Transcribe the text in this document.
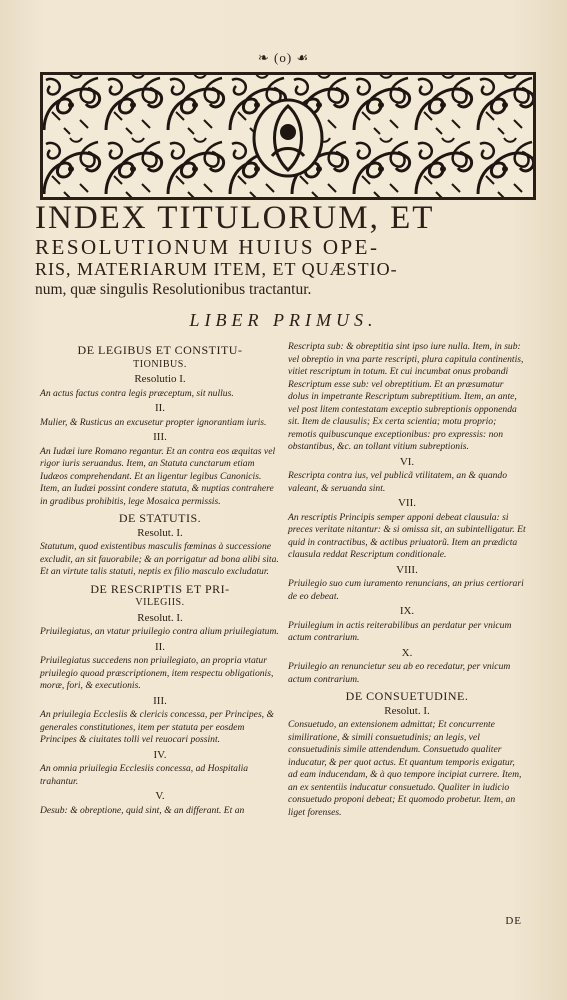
❧ (o) ☙
INDEX TITULORUM, ET
RESOLUTIONUM HUIUS OPE-
RIS, MATERIARUM ITEM, ET QUÆSTIO-
num, quæ singulis Resolutionibus tractantur.
LIBER PRIMUS.
DE LEGIBUS ET CONSTITU-
TIONIBUS.
Resolutio I.
An actus factus contra legis præceptum, sit nullus.
II.
Mulier, & Rusticus an excusetur propter ignorantiam iuris.
III.
An Iudæi iure Romano regantur. Et an contra eos æquitas vel rigor iuris seruandus. Item, an Statuta cunctarum etiam Iudæos comprehendant. Et an ligentur legibus Canonicis. Item, an Iudæi possint condere statuta, & nuptias contrahere in gradibus prohibitis, lege Mosaica permissis.
DE STATUTIS.
Resolut. I.
Statutum, quod existentibus masculis fœminas à successione excludit, an sit fauorabile; & an porrigatur ad bona alibi sita. Et an virtute talis statuti, neptis ex filio masculo excludatur.
DE RESCRIPTIS ET PRI-
VILEGIIS.
Resolut. I.
Priuilegiatus, an vtatur priuilegio contra alium priuilegiatum.
II.
Priuilegiatus succedens non priuilegiato, an propria vtatur priuilegio quoad præscriptionem, item respectu obligationis, moræ, fori, & executionis.
III.
An priuilegia Ecclesiis & clericis concessa, per Principes, & generales constitutiones, item per statuta per eosdem Principes & ciuitates tolli vel reuocari possint.
IV.
An omnia priuilegia Ecclesiis concessa, ad Hospitalia trahantur.
V.
Desub: & obreptione, quid sint, & an differant. Et an
Rescripta sub: & obreptitia sint ipso iure nulla. Item, in sub: vel obreptio in vna parte rescripti, plura capitula continentis, vitiet rescriptum in totum. Et cui incumbat onus probandi Rescriptum esse sub: vel obreptitium. Et an præsumatur dolus in impetrante Rescriptum subreptitium. Item, an ante, vel post litem contestatam exceptio subreptionis opponenda sit. Item de clausulis; Ex certa scientia; motu proprio; remotis quibuscunque exceptionibus: pro expressis: non obstantibus, &c. an tollant vitium subreptionis.
VI.
Rescripta contra ius, vel publicã vtilitatem, an & quando valeant, & seruanda sint.
VII.
An rescriptis Principis semper apponi debeat clausula: si preces veritate nitantur: & si omissa sit, an subintelligatur. Et quid in contractibus, & actibus priuatorũ. Item an prædicta clausula reddat Rescriptum conditionale.
VIII.
Priuilegio suo cum iuramento renuncians, an prius certiorari de eo debeat.
IX.
Priuilegium in actis reiterabilibus an perdatur per vnicum actum contrarium.
X.
Priuilegio an renuncietur seu ab eo recedatur, per vnicum actum contrarium.
DE CONSUETUDINE.
Resolut. I.
Consuetudo, an extensionem admittat; Et concurrente similiratione, & simili consuetudinis; an legis, vel consuetudinis simile attendendum. Consuetudo qualiter inducatur, & per quot actus. Et quantum temporis exigatur, ad eam inducendam, & à quo tempore incipiat currere. Item, an ex sententiis inducatur consuetudo. Qualiter in iudicio consuetudo proponi debeat; Et quomodo probetur. Item, an liget forenses.
DE
